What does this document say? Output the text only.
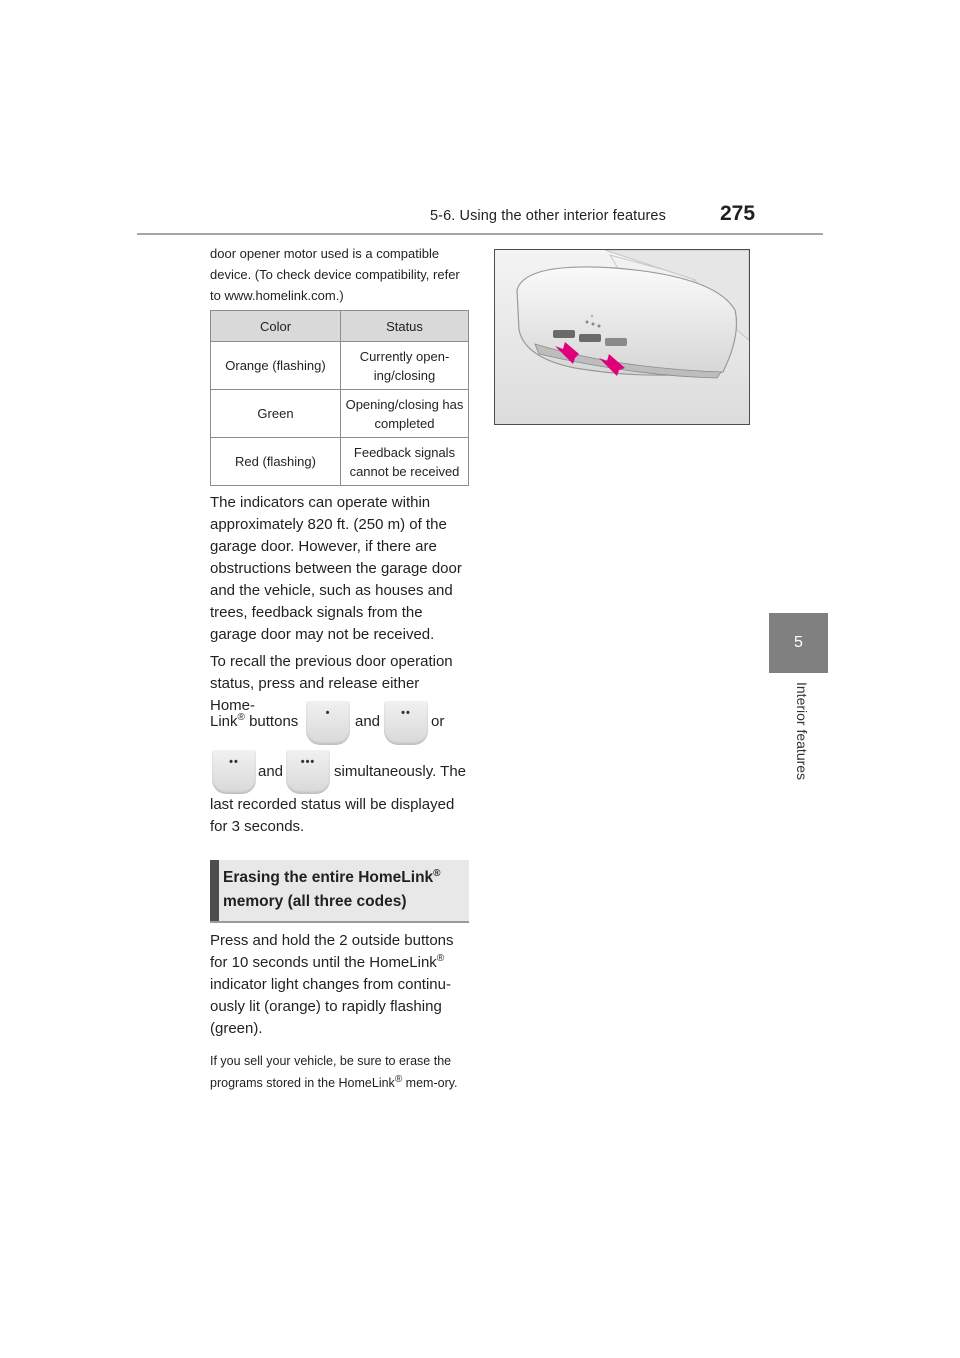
5-6. Using the other interior features	275
5
Interior features
door opener motor used is a compatible device. (To check device compatibility, refer to www.homelink.com.)
Color	Status
Orange (flashing)	Currently open-ing/closing
Green	Opening/closing has completed
Red (flashing)	Feedback signals cannot be received
The indicators can operate within approximately 820 ft. (250 m) of the garage door. However, if there are obstructions between the garage door and the vehicle, such as houses and trees, feedback signals from the garage door may not be received.
To recall the previous door operation status, press and release either Home-
Link® buttons	•	and	••	or
••
and
•••
simultaneously. The
last recorded status will be displayed for 3 seconds.
Erasing the entire HomeLink®
memory (all three codes)
Press and hold the 2 outside buttons for 10 seconds until the HomeLink® indicator light changes from continu-ously lit (orange) to rapidly flashing (green).
If you sell your vehicle, be sure to erase the programs stored in the HomeLink® mem-ory.
